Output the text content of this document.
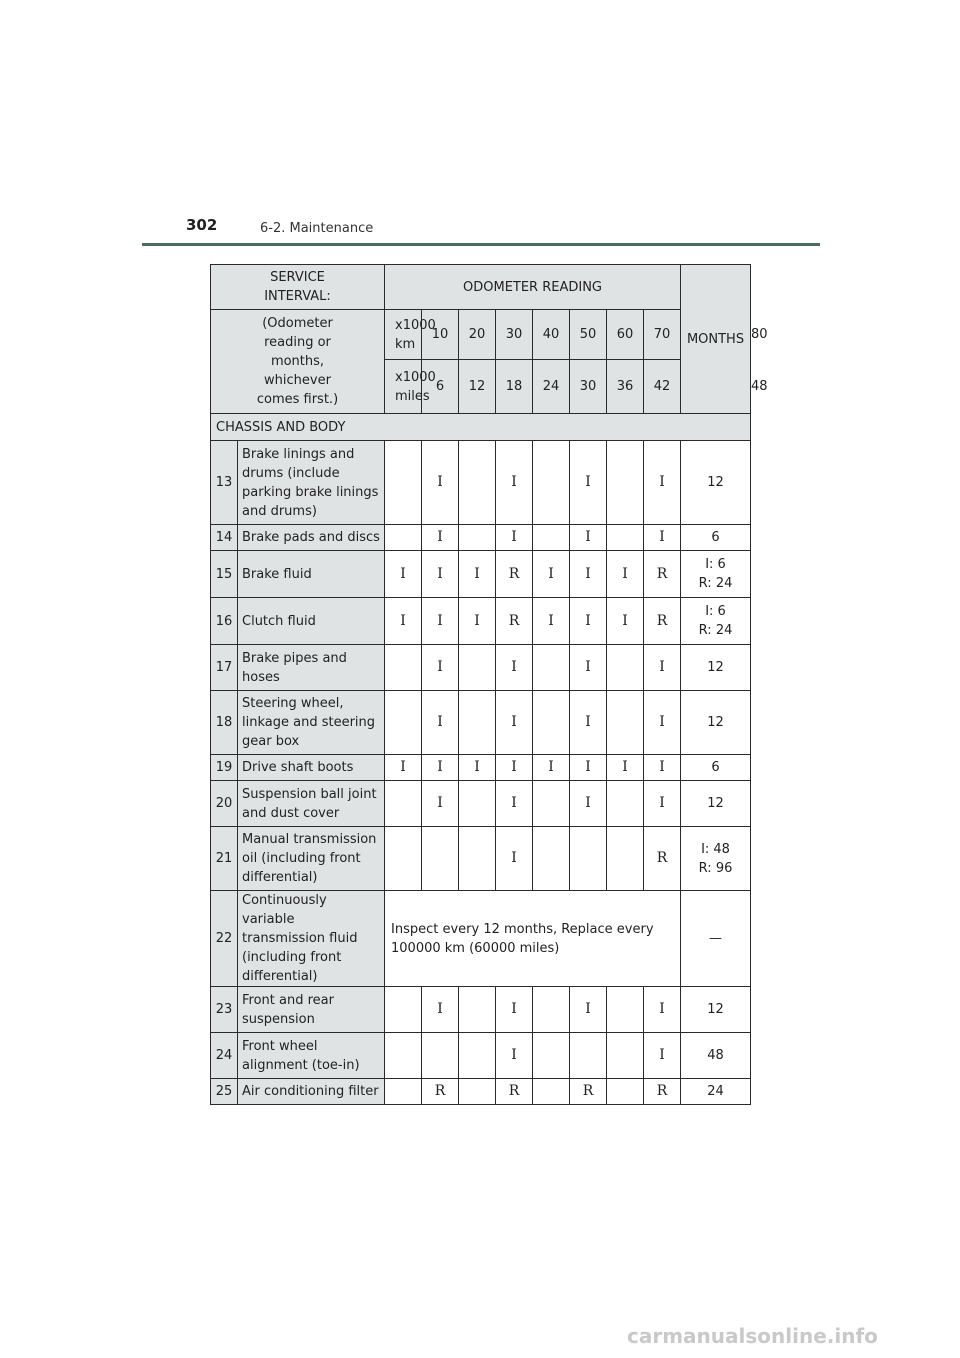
302	6-2. Maintenance
SERVICE INTERVAL:		ODOMETER READING								MONTHS	
(Odometer reading or months, whichever comes first.)		x1000 km	10	20	30	40	50	60	70		80
		x1000 miles	6	12	18	24	30	36	42		48
CHASSIS AND BODY											
13	Brake linings and drums (include parking brake linings and drums)		I		I		I		I	12	

14	Brake pads and discs		I		I		I		I	6	

15	Brake fluid	I	I	I	R	I	I	I	R	I: 6
R: 24	

16	Clutch fluid	I	I	I	R	I	I	I	R	I: 6
R: 24	

17	Brake pipes and hoses		I		I		I		I	12	

18	Steering wheel, linkage and steering gear box		I		I		I		I	12	

19	Drive shaft boots	I	I	I	I	I	I	I	I	6	

20	Suspension ball joint and dust cover		I		I		I		I	12	

21	Manual transmission oil (including front differential)				I				R	I: 48
R: 96	

22	Continuously variable transmission fluid (including front differential)	Inspect every 12 months, Replace every 100000 km (60000 miles)								—	

23	Front and rear suspension		I		I		I		I	12	

24	Front wheel alignment (toe-in)				I				I	48	

25	Air conditioning filter		R		R		R		R	24	
carmanualsonline.info
